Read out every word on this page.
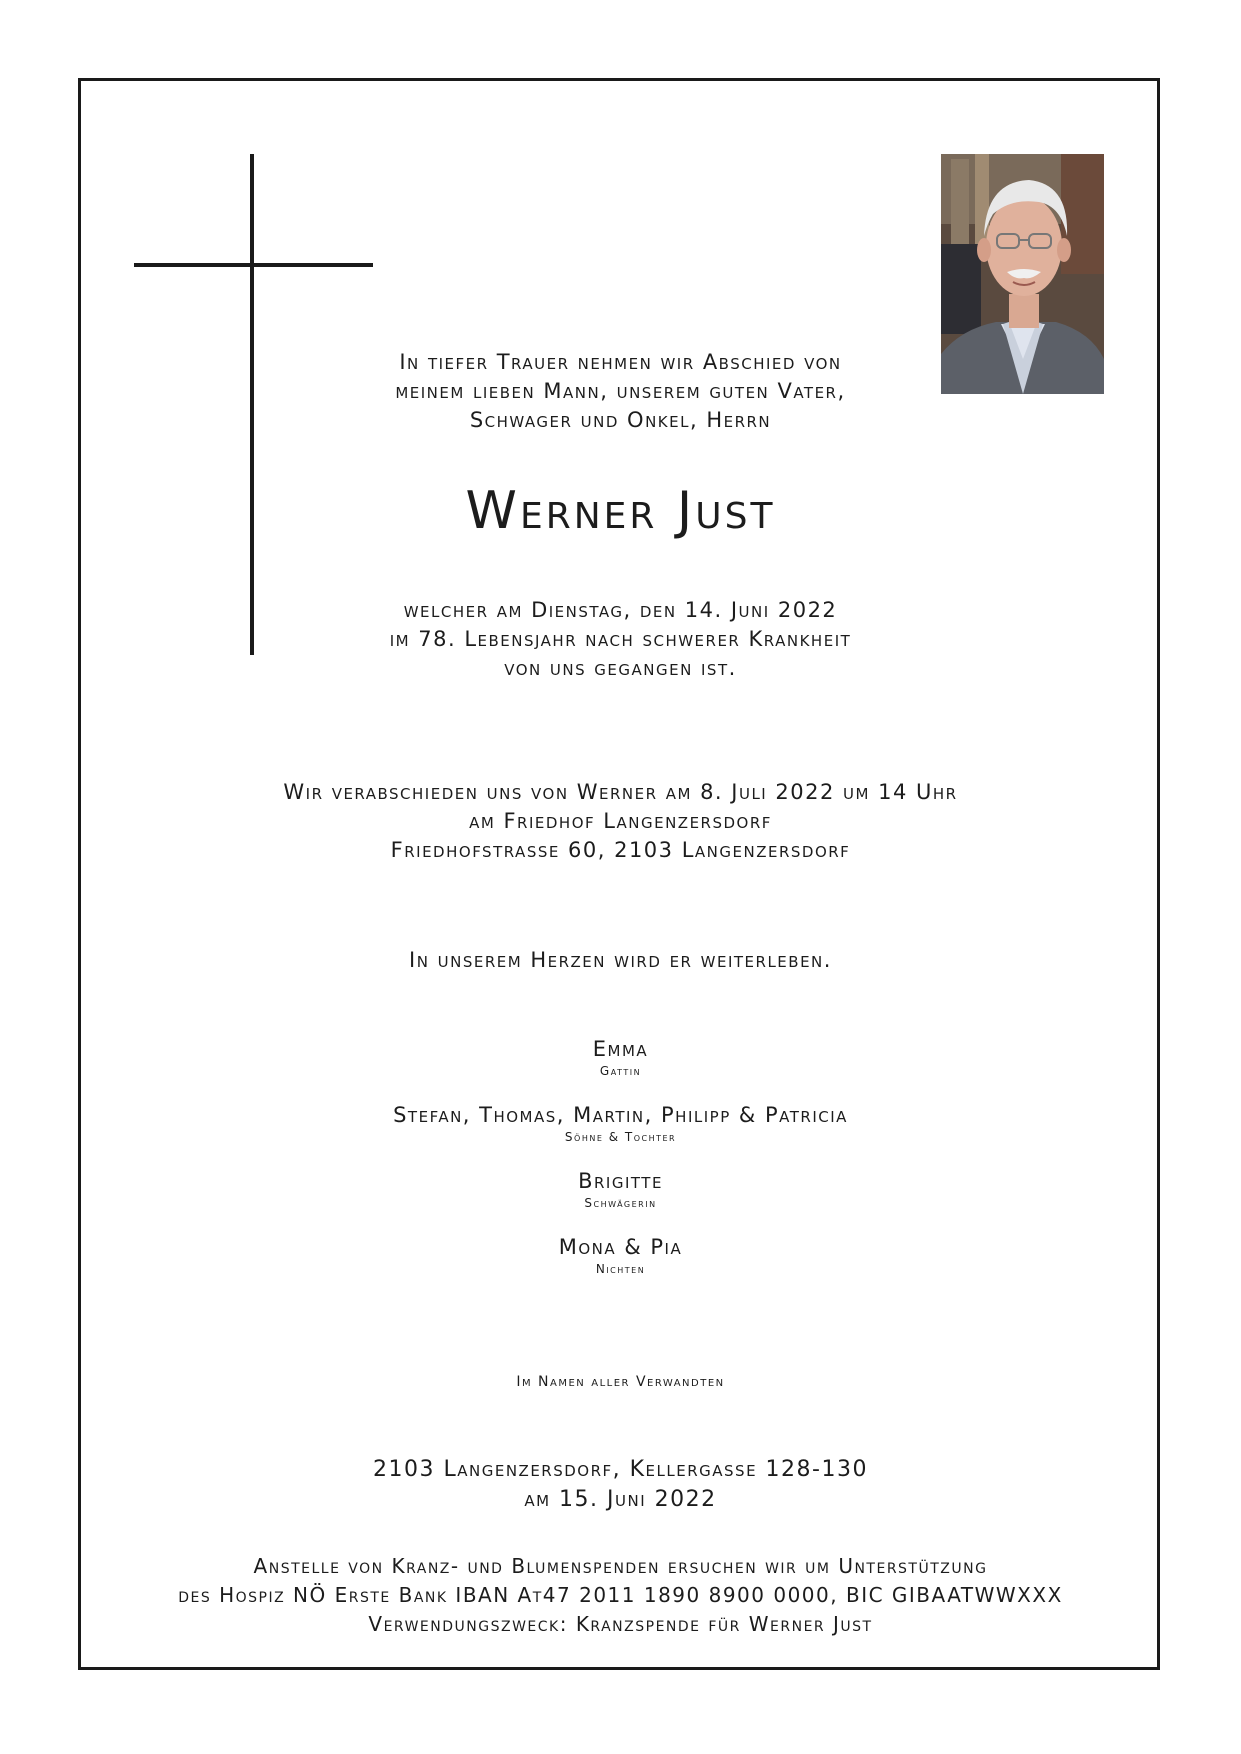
In tiefer Trauer nehmen wir Abschied von
meinem lieben Mann, unserem guten Vater,
Schwager und Onkel, Herrn
Werner Just
welcher am Dienstag, den 14. Juni 2022
im 78. Lebensjahr nach schwerer Krankheit
von uns gegangen ist.
Wir verabschieden uns von Werner am 8. Juli 2022 um 14 Uhr
am Friedhof Langenzersdorf
Friedhofstrasse 60, 2103 Langenzersdorf
In unserem Herzen wird er weiterleben.
Emma
Gattin
Stefan, Thomas, Martin, Philipp & Patricia
Söhne & Tochter
Brigitte
Schwägerin
Mona & Pia
Nichten
Im Namen aller Verwandten
2103 Langenzersdorf, Kellergasse 128-130
am 15. Juni 2022
Anstelle von Kranz- und Blumenspenden ersuchen wir um Unterstützung
des Hospiz NÖ Erste Bank IBAN At47 2011 1890 8900 0000, BIC GIBAATWWXXX
Verwendungszweck: Kranzspende für Werner Just
